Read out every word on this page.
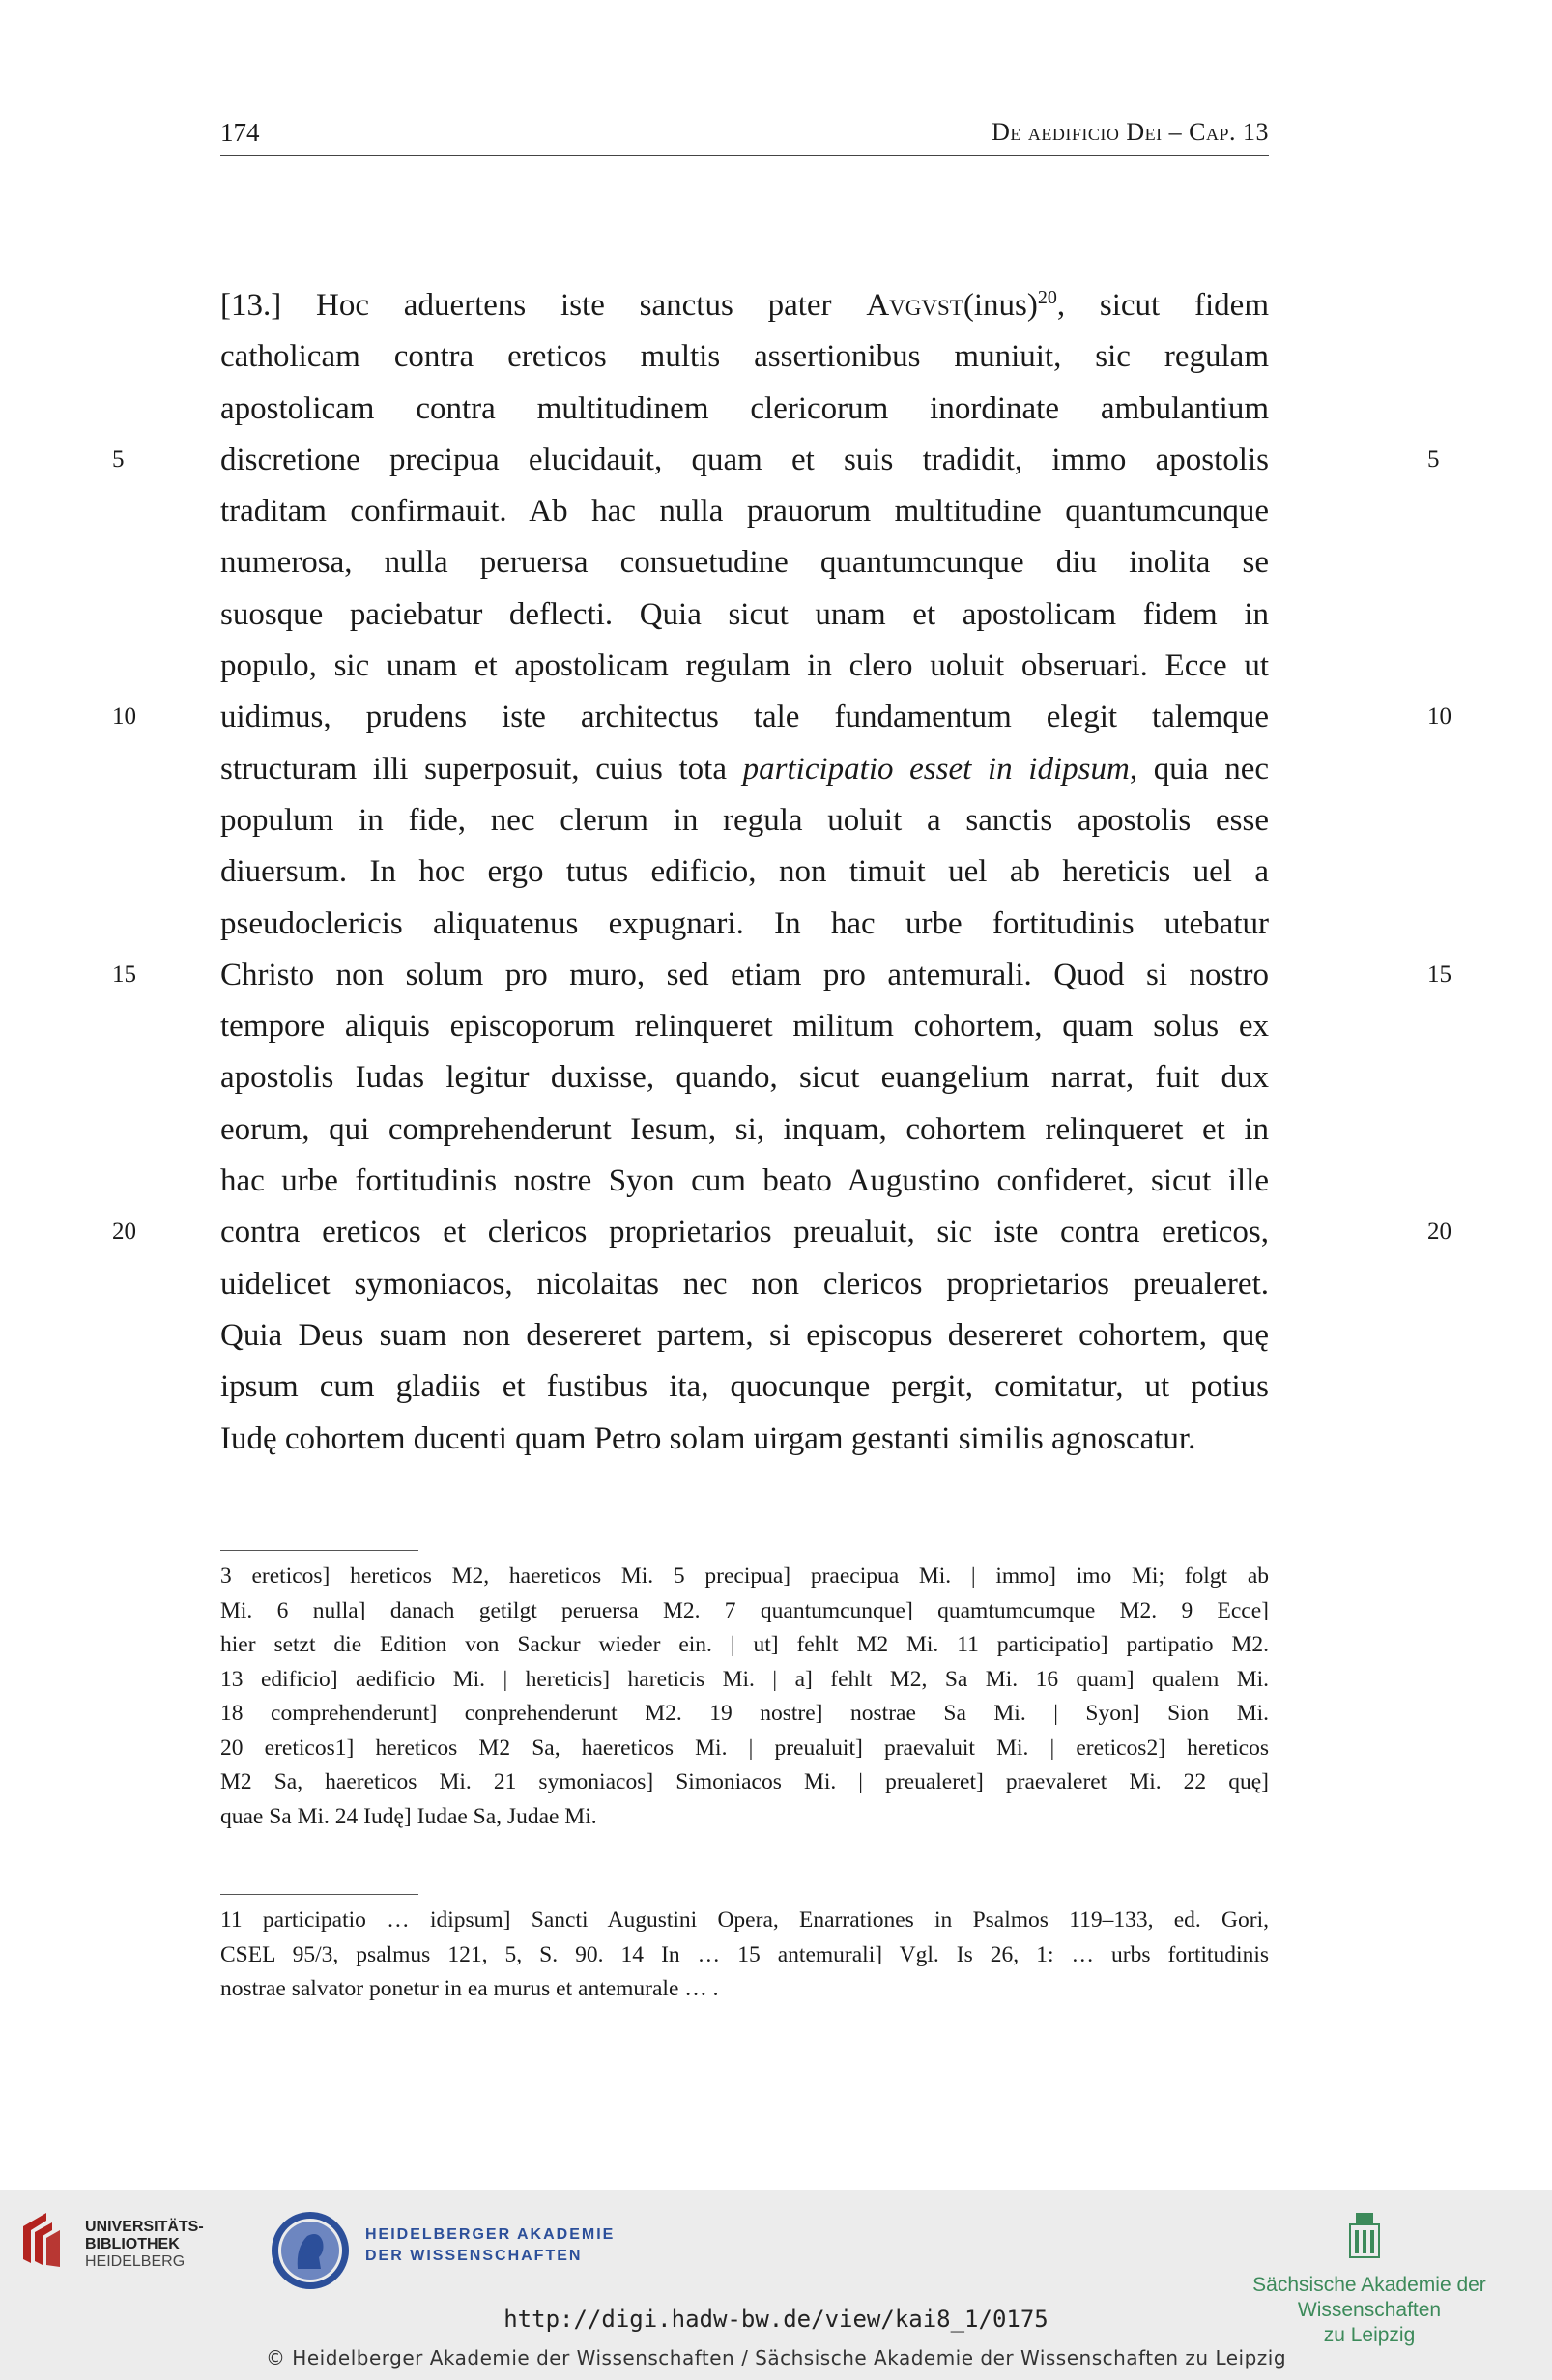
174	De aedificio Dei – Cap. 13
[13.] Hoc aduertens iste sanctus pater Avgvst(inus)$^{20}$, sicut fidem
catholicam contra ereticos multis assertionibus muniuit, sic regulam
apostolicam contra multitudinem clericorum inordinate ambulantium
discretione precipua elucidauit, quam et suis tradidit, immo apostolis
traditam confirmauit. Ab hac nulla prauorum multitudine quantumcunque
numerosa, nulla peruersa consuetudine quantumcunque diu inolita se
suosque paciebatur deflecti. Quia sicut unam et apostolicam fidem in
populo, sic unam et apostolicam regulam in clero uoluit obseruari. Ecce ut
uidimus, prudens iste architectus tale fundamentum elegit talemque
structuram illi superposuit, cuius tota participatio esset in idipsum, quia nec
populum in fide, nec clerum in regula uoluit a sanctis apostolis esse
diuersum. In hoc ergo tutus edificio, non timuit uel ab hereticis uel a
pseudoclericis aliquatenus expugnari. In hac urbe fortitudinis utebatur
Christo non solum pro muro, sed etiam pro antemurali. Quod si nostro
tempore aliquis episcoporum relinqueret militum cohortem, quam solus ex
apostolis Iudas legitur duxisse, quando, sicut euangelium narrat, fuit dux
eorum, qui comprehenderunt Iesum, si, inquam, cohortem relinqueret et in
hac urbe fortitudinis nostre Syon cum beato Augustino confideret, sicut ille
contra ereticos et clericos proprietarios preualuit, sic iste contra ereticos,
uidelicet symoniacos, nicolaitas nec non clericos proprietarios preualeret.
Quia Deus suam non desereret partem, si episcopus desereret cohortem, quę
ipsum cum gladiis et fustibus ita, quocunque pergit, comitatur, ut potius
Iudę cohortem ducenti quam Petro solam uirgam gestanti similis agnoscatur.
5	5
10	10
15	15
20	20
3 ereticos] hereticos M2, haereticos Mi. 5 precipua] praecipua Mi. | immo] imo Mi; folgt ab
Mi. 6 nulla] danach getilgt peruersa M2. 7 quantumcunque] quamtumcumque M2. 9 Ecce]
hier setzt die Edition von Sackur wieder ein. | ut] fehlt M2 Mi. 11 participatio] partipatio M2.
13 edificio] aedificio Mi. | hereticis] hareticis Mi. | a] fehlt M2, Sa Mi. 16 quam] qualem Mi.
18 comprehenderunt] conprehenderunt M2. 19 nostre] nostrae Sa Mi. | Syon] Sion Mi.
20 ereticos1] hereticos M2 Sa, haereticos Mi. | preualuit] praevaluit Mi. | ereticos2] hereticos
M2 Sa, haereticos Mi. 21 symoniacos] Simoniacos Mi. | preualeret] praevaleret Mi. 22 quę]
quae Sa Mi. 24 Iudę] Iudae Sa, Judae Mi.
11 participatio … idipsum] Sancti Augustini Opera, Enarrationes in Psalmos 119–133, ed. Gori,
CSEL 95/3, psalmus 121, 5, S. 90. 14 In … 15 antemurali] Vgl. Is 26, 1: … urbs fortitudinis
nostrae salvator ponetur in ea murus et antemurale … .
UNIVERSITÄTS-
BIBLIOTHEK
HEIDELBERG
HEIDELBERGER AKADEMIE
DER WISSENSCHAFTEN
Sächsische Akademie der Wissenschaften
zu Leipzig
http://digi.hadw-bw.de/view/kai8_1/0175
© Heidelberger Akademie der Wissenschaften / Sächsische Akademie der Wissenschaften zu Leipzig
